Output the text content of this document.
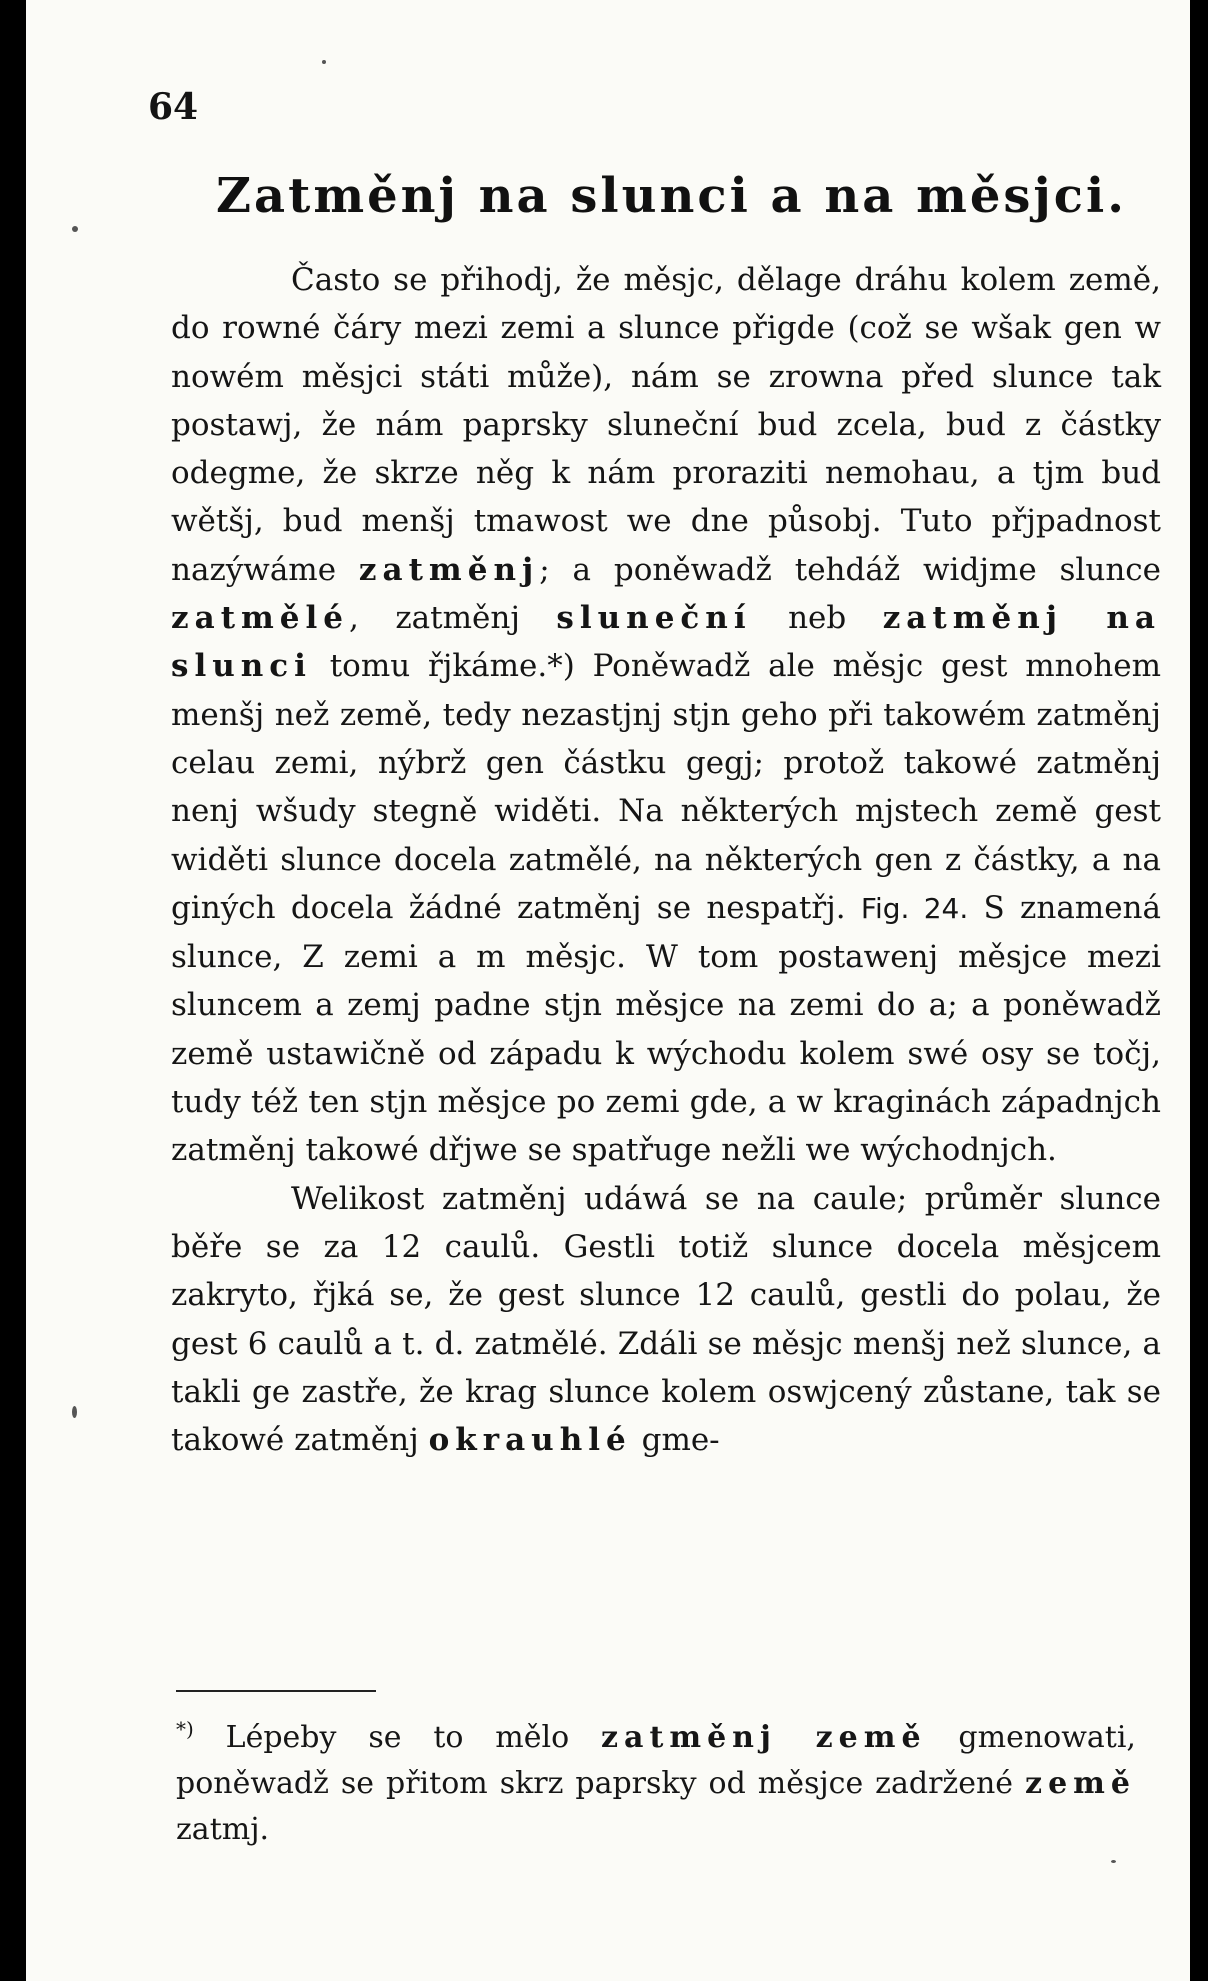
64
Zatměnj na slunci a na měsjci.

Často se přihodj, že měsjc, dělage dráhu kolem země, do rowné čáry mezi zemi a slunce přigde (což se wšak gen w nowém měsjci státi může), nám se zrowna před slunce tak postawj, že nám paprsky sluneční bud zcela, bud z částky odegme, že skrze něg k nám proraziti nemohau, a tjm bud wětšj, bud menšj tmawost we dne působj. Tuto přjpadnost nazýwáme zatměnj; a poněwadž tehdáž widjme slunce zatmělé, zatměnj sluneční neb zatměnj na slunci tomu řjkáme.*) Poněwadž ale měsjc gest mnohem menšj než země, tedy nezastjnj stjn geho při takowém zatměnj celau zemi, nýbrž gen částku gegj; protož takowé zatměnj nenj wšudy stegně widěti. Na některých mjstech země gest widěti slunce docela zatmělé, na některých gen z částky, a na giných docela žádné zatměnj se nespatřj. Fig. 24. S znamená slunce, Z zemi a m měsjc. W tom postawenj měsjce mezi sluncem a zemj padne stjn měsjce na zemi do a; a poněwadž země ustawičně od západu k wýchodu kolem swé osy se točj, tudy též ten stjn měsjce po zemi gde, a w kraginách západnjch zatměnj takowé dřjwe se spatřuge nežli we wýchodnjch.

Welikost zatměnj udáwá se na caule; průměr slunce běře se za 12 caulů. Gestli totiž slunce docela měsjcem zakryto, řjká se, že gest slunce 12 caulů, gestli do polau, že gest 6 caulů a t. d. zatmělé. Zdáli se měsjc menšj než slunce, a takli ge zastře, že krag slunce kolem oswjcený zůstane, tak se takowé zatměnj okrauhlé gme-

*) Lépeby se to mělo zatměnj země gmenowati, poněwadž se přitom skrz paprsky od měsjce zadržené země zatmj.
